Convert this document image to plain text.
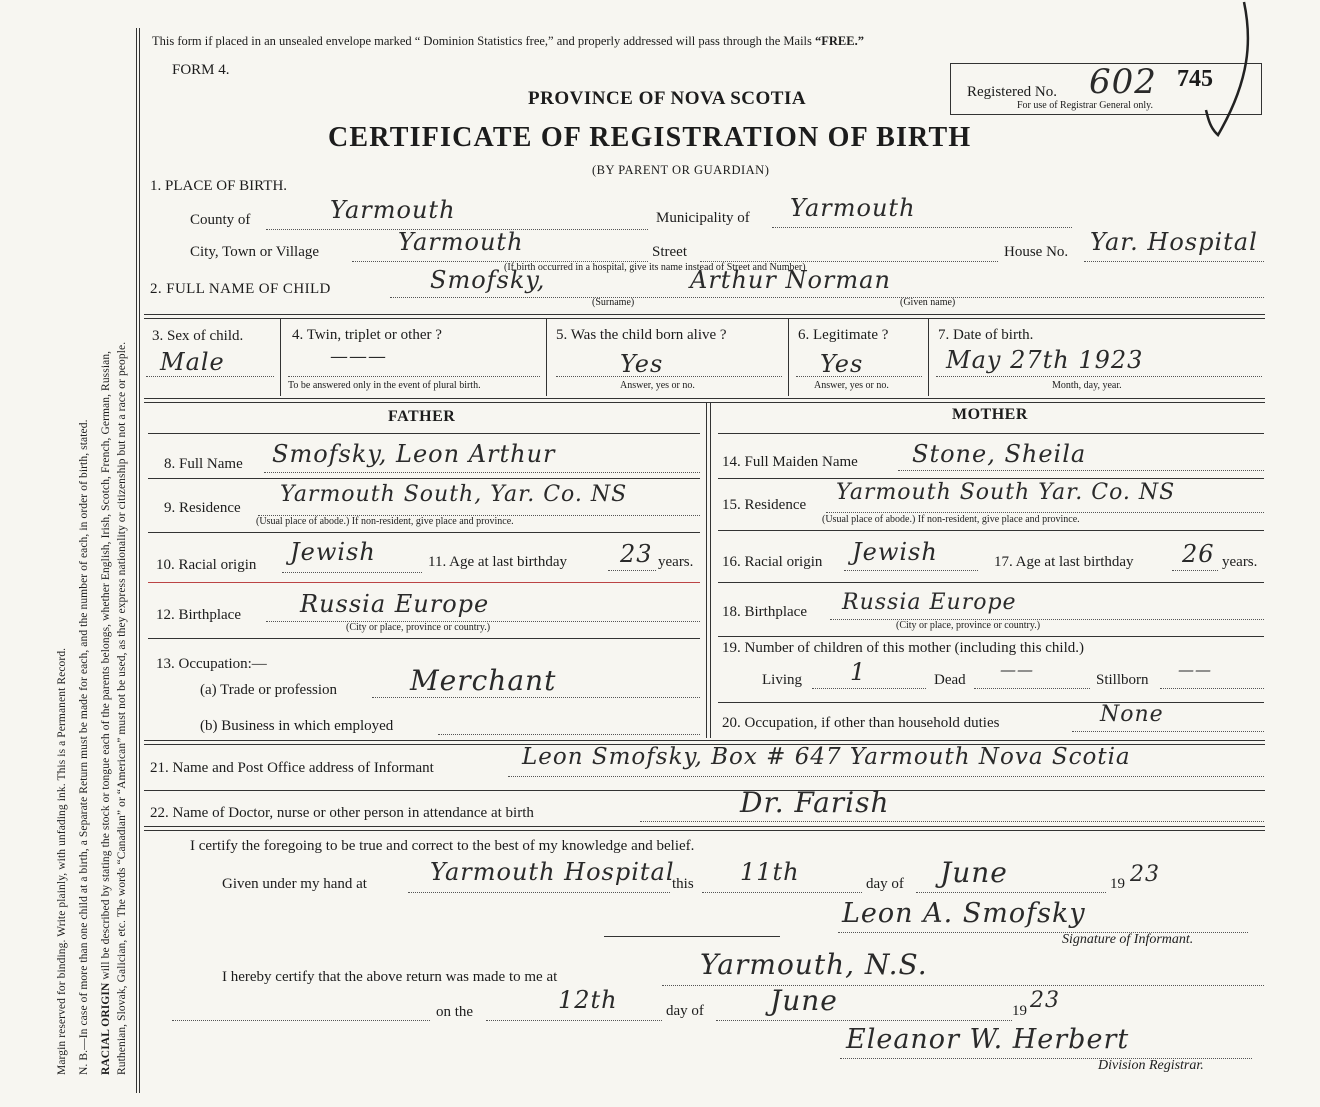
Margin reserved for binding. Write plainly, with unfading ink. This is a Permanent Record. N. B.—In case of more than one child at a birth, a Separate Return must be made for each, and the number of each, in order of birth, stated. RACIAL ORIGIN will be described by stating the stock or tongue each of the parents belongs, whether English, Irish, Scotch, French, German, Russian, Ruthenian, Slovak, Galician, etc. The words “Canadian” or “American” must not be used, as they express nationality or citizenship but not a race or people.
This form if placed in an unsealed envelope marked “ Dominion Statistics free,” and properly addressed will pass through the Mails “FREE.”
FORM 4.
Registered No. 602 745
For use of Registrar General only.
PROVINCE OF NOVA SCOTIA
CERTIFICATE OF REGISTRATION OF BIRTH
(BY PARENT OR GUARDIAN)
1. PLACE OF BIRTH.
County of	Yarmouth	Municipality of Yarmouth
City, Town or Village	Yarmouth	Street	House No. Yar. Hospital
(If birth occurred in a hospital, give its name instead of Street and Number)
2. FULL NAME OF CHILD	Smofsky,	Arthur Norman
(Surname)	(Given name)
3. Sex of child.
Male
4. Twin, triplet or other ?
———
To be answered only in the event of plural birth.
5. Was the child born alive ?
Yes
Answer, yes or no.
6. Legitimate ?
Yes
Answer, yes or no.
7. Date of birth.
May 27th 1923
Month, day, year.
FATHER	MOTHER
8. Full Name Smofsky, Leon Arthur
9. Residence
Yarmouth South, Yar. Co. NS
(Usual place of abode.) If non-resident, give place and province.
10. Racial origin Jewish	11. Age at last birthday 23 years.
12. Birthplace Russia Europe
(City or place, province or country.)
13. Occupation:—
(a) Trade or profession	Merchant
(b) Business in which employed
14. Full Maiden Name Stone, Sheila
15. Residence Yarmouth South Yar. Co. NS
(Usual place of abode.) If non-resident, give place and province.
16. Racial origin Jewish	17. Age at last birthday 26 years.
18. Birthplace Russia Europe
(City or place, province or country.)
19. Number of children of this mother (including this child.)
Living 1	Dead
——
Stillborn
——
20. Occupation, if other than household duties	None
21. Name and Post Office address of Informant	Leon Smofsky, Box # 647 Yarmouth Nova Scotia
22. Name of Doctor, nurse or other person in attendance at birth	Dr. Farish
I certify the foregoing to be true and correct to the best of my knowledge and belief.
Given under my hand at	Yarmouth Hospital
this 11th	day of June	19 23
Leon A. Smofsky
Signature of Informant.
I hereby certify that the above return was made to me at	Yarmouth, N.S.
on the	12th	day of June	19 23
Eleanor W. Herbert
Division Registrar.
